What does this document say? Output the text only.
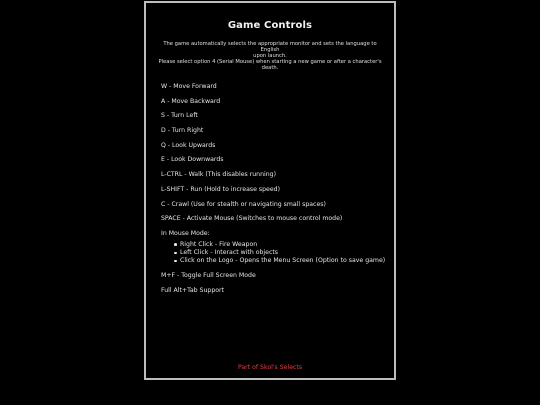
Game Controls
The game automatically selects the appropriate monitor and sets the language to English
upon launch.
Please select option 4 (Serial Mouse) when starting a new game or after a character's
death.
W - Move Forward
A - Move Backward
S - Turn Left
D - Turn Right
Q - Look Upwards
E - Look Downwards
L-CTRL - Walk (This disables running)
L-SHIFT - Run (Hold to increase speed)
C - Crawl (Use for stealth or navigating small spaces)
SPACE - Activate Mouse (Switches to mouse control mode)
In Mouse Mode:
Right Click - Fire Weapon
Left Click - Interact with objects
Click on the Logo - Opens the Menu Screen (Option to save game)
M+F - Toggle Full Screen Mode
Full Alt+Tab Support
Part of Skol's Selects
